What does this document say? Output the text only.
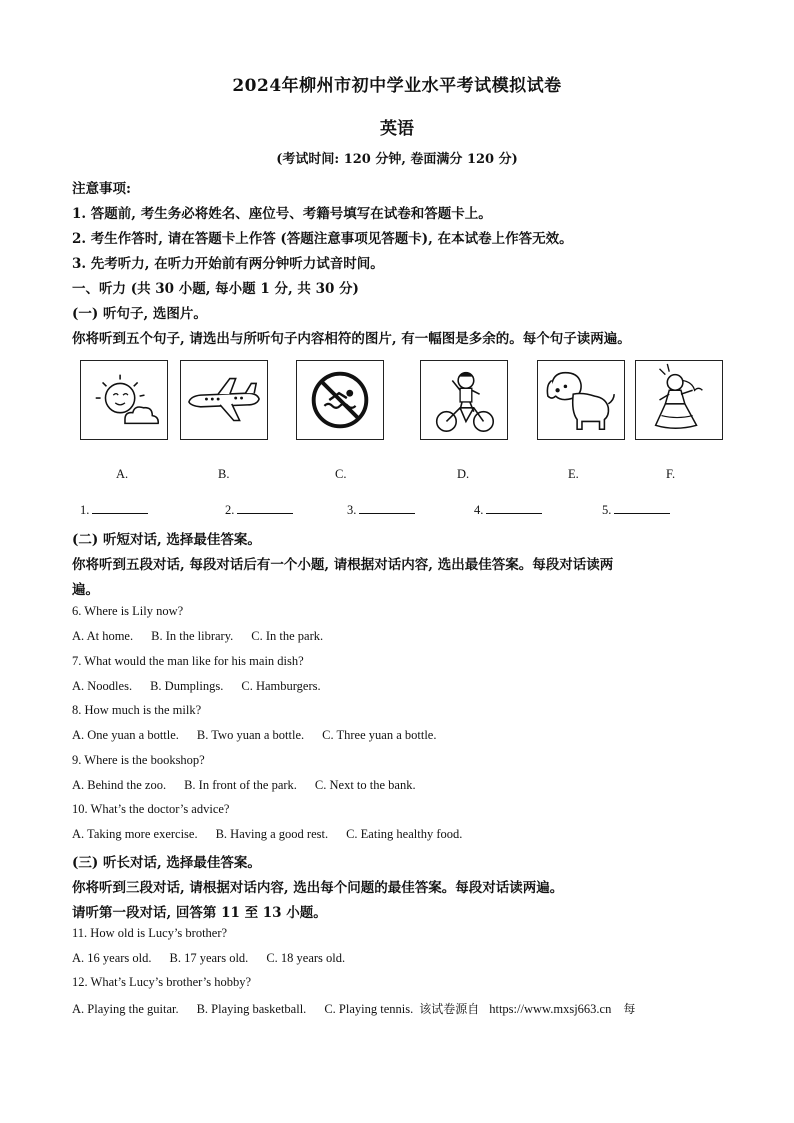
2024年柳州市初中学业水平考试模拟试卷
英语
(考试时间: 120 分钟, 卷面满分 120 分)
注意事项:
1. 答题前, 考生务必将姓名、座位号、考籍号填写在试卷和答题卡上。
2. 考生作答时, 请在答题卡上作答 (答题注意事项见答题卡), 在本试卷上作答无效。
3. 先考听力, 在听力开始前有两分钟听力试音时间。
一、听力 (共 30 小题, 每小题 1 分, 共 30 分)
(一) 听句子, 选图片。
你将听到五个句子, 请选出与所听句子内容相符的图片, 有一幅图是多余的。每个句子读两遍。
A.	B.	C.	D.	E.	F.
1.	2.	3.	4.	5.
(二) 听短对话, 选择最佳答案。
你将听到五段对话, 每段对话后有一个小题, 请根据对话内容, 选出最佳答案。每段对话读两
遍。
6. Where is Lily now?
A. At home. B. In the library. C. In the park.
7. What would the man like for his main dish?
A. Noodles. B. Dumplings. C. Hamburgers.
8. How much is the milk?
A. One yuan a bottle. B. Two yuan a bottle. C. Three yuan a bottle.
9. Where is the bookshop?
A. Behind the zoo. B. In front of the park. C. Next to the bank.
10. What’s the doctor’s advice?
A. Taking more exercise. B. Having a good rest. C. Eating healthy food.
(三) 听长对话, 选择最佳答案。
你将听到三段对话, 请根据对话内容, 选出每个问题的最佳答案。每段对话读两遍。
请听第一段对话, 回答第 11 至 13 小题。
11. How old is Lucy’s brother?
A. 16 years old. B. 17 years old. C. 18 years old.
12. What’s Lucy’s brother’s hobby?
A. Playing the guitar. B. Playing basketball. C. Playing tennis. 该试卷源自 https://www.mxsj663.cn 每
